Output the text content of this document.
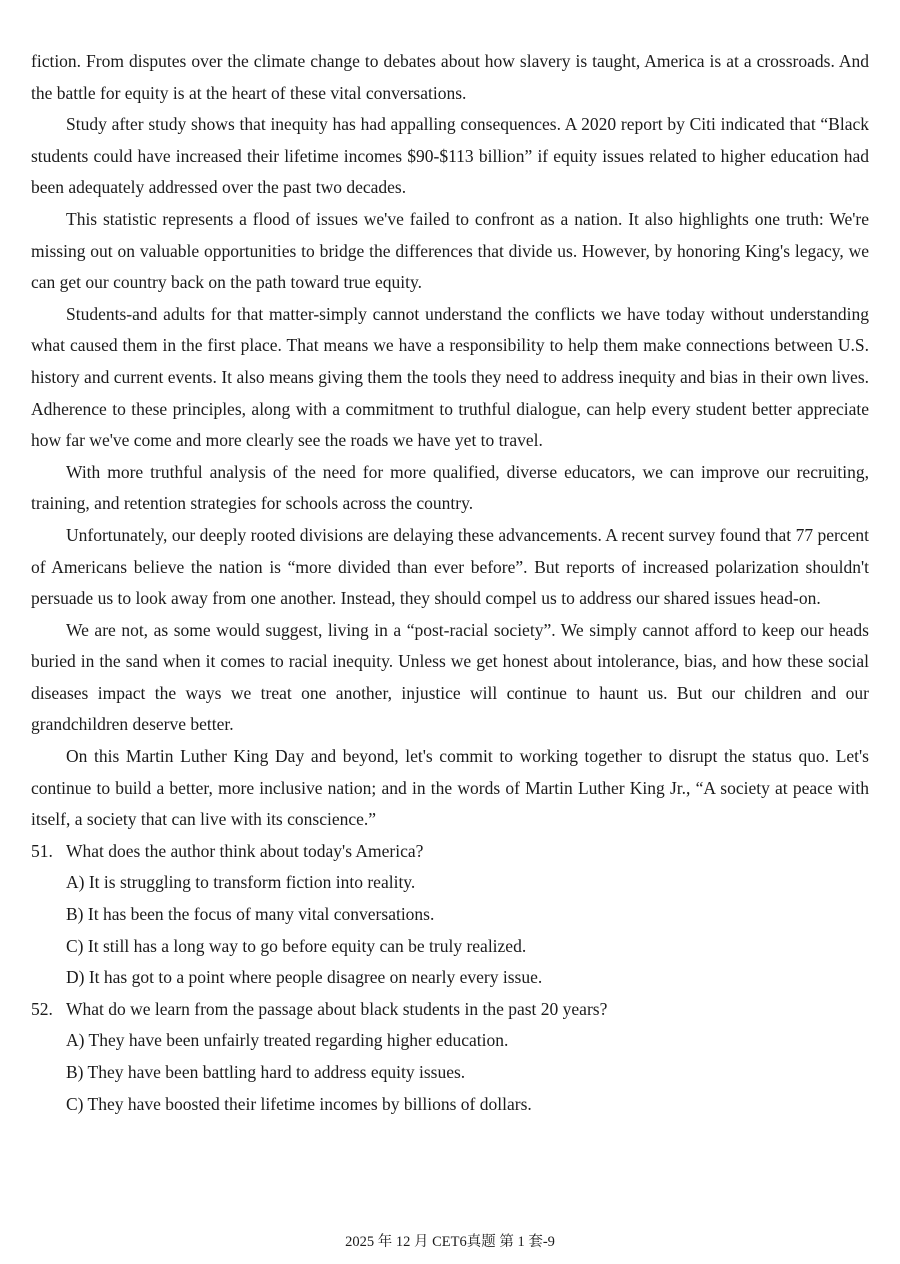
fiction. From disputes over the climate change to debates about how slavery is taught, America is at a crossroads. And the battle for equity is at the heart of these vital conversations.

Study after study shows that inequity has had appalling consequences. A 2020 report by Citi indicated that “Black students could have increased their lifetime incomes $90-$113 billion” if equity issues related to higher education had been adequately addressed over the past two decades.

This statistic represents a flood of issues we've failed to confront as a nation. It also highlights one truth: We're missing out on valuable opportunities to bridge the differences that divide us. However, by honoring King's legacy, we can get our country back on the path toward true equity.

Students-and adults for that matter-simply cannot understand the conflicts we have today without understanding what caused them in the first place. That means we have a responsibility to help them make connections between U.S. history and current events. It also means giving them the tools they need to address inequity and bias in their own lives. Adherence to these principles, along with a commitment to truthful dialogue, can help every student better appreciate how far we've come and more clearly see the roads we have yet to travel.

With more truthful analysis of the need for more qualified, diverse educators, we can improve our recruiting, training, and retention strategies for schools across the country.

Unfortunately, our deeply rooted divisions are delaying these advancements. A recent survey found that 77 percent of Americans believe the nation is “more divided than ever before”. But reports of increased polarization shouldn't persuade us to look away from one another. Instead, they should compel us to address our shared issues head-on.

We are not, as some would suggest, living in a “post-racial society”. We simply cannot afford to keep our heads buried in the sand when it comes to racial inequity. Unless we get honest about intolerance, bias, and how these social diseases impact the ways we treat one another, injustice will continue to haunt us. But our children and our grandchildren deserve better.

On this Martin Luther King Day and beyond, let's commit to working together to disrupt the status quo. Let's continue to build a better, more inclusive nation; and in the words of Martin Luther King Jr., “A society at peace with itself, a society that can live with its conscience.”

51. What does the author think about today's America?
A) It is struggling to transform fiction into reality.
B) It has been the focus of many vital conversations.
C) It still has a long way to go before equity can be truly realized.
D) It has got to a point where people disagree on nearly every issue.
52. What do we learn from the passage about black students in the past 20 years?
A) They have been unfairly treated regarding higher education.
B) They have been battling hard to address equity issues.
C) They have boosted their lifetime incomes by billions of dollars.
2025 年 12 月 CET6真题 第 1 套-9
